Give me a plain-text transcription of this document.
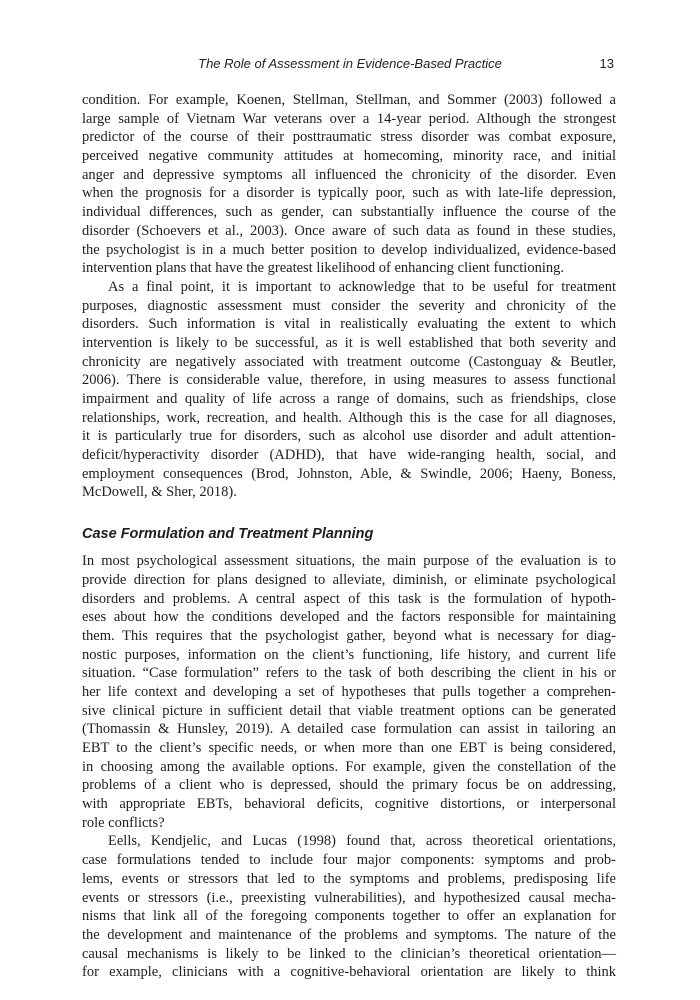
The Role of Assessment in Evidence-Based Practice	13
condition. For example, Koenen, Stellman, Stellman, and Sommer (2003) followed a
large sample of Vietnam War veterans over a 14-year period. Although the strongest
predictor of the course of their posttraumatic stress disorder was combat exposure,
perceived negative community attitudes at homecoming, minority race, and initial
anger and depressive symptoms all influenced the chronicity of the disorder. Even
when the prognosis for a disorder is typically poor, such as with late-life depression,
individual differences, such as gender, can substantially influence the course of the
disorder (Schoevers et al., 2003). Once aware of such data as found in these studies,
the psychologist is in a much better position to develop individualized, evidence-based
intervention plans that have the greatest likelihood of enhancing client functioning.
As a final point, it is important to acknowledge that to be useful for treatment
purposes, diagnostic assessment must consider the severity and chronicity of the
disorders. Such information is vital in realistically evaluating the extent to which
intervention is likely to be successful, as it is well established that both severity and
chronicity are negatively associated with treatment outcome (Castonguay & Beutler,
2006). There is considerable value, therefore, in using measures to assess functional
impairment and quality of life across a range of domains, such as friendships, close
relationships, work, recreation, and health. Although this is the case for all diagnoses,
it is particularly true for disorders, such as alcohol use disorder and adult attention-
deficit/hyperactivity disorder (ADHD), that have wide-ranging health, social, and
employment consequences (Brod, Johnston, Able, & Swindle, 2006; Haeny, Boness,
McDowell, & Sher, 2018).
Case Formulation and Treatment Planning
In most psychological assessment situations, the main purpose of the evaluation is to
provide direction for plans designed to alleviate, diminish, or eliminate psychological
disorders and problems. A central aspect of this task is the formulation of hypoth-
eses about how the conditions developed and the factors responsible for maintaining
them. This requires that the psychologist gather, beyond what is necessary for diag-
nostic purposes, information on the client’s functioning, life history, and current life
situation. “Case formulation” refers to the task of both describing the client in his or
her life context and developing a set of hypotheses that pulls together a comprehen-
sive clinical picture in sufficient detail that viable treatment options can be generated
(Thomassin & Hunsley, 2019). A detailed case formulation can assist in tailoring an
EBT to the client’s specific needs, or when more than one EBT is being considered,
in choosing among the available options. For example, given the constellation of the
problems of a client who is depressed, should the primary focus be on addressing,
with appropriate EBTs, behavioral deficits, cognitive distortions, or interpersonal
role conflicts?
Eells, Kendjelic, and Lucas (1998) found that, across theoretical orientations,
case formulations tended to include four major components: symptoms and prob-
lems, events or stressors that led to the symptoms and problems, predisposing life
events or stressors (i.e., preexisting vulnerabilities), and hypothesized causal mecha-
nisms that link all of the foregoing components together to offer an explanation for
the development and maintenance of the problems and symptoms. The nature of the
causal mechanisms is likely to be linked to the clinician’s theoretical orientation—
for example, clinicians with a cognitive-behavioral orientation are likely to think
